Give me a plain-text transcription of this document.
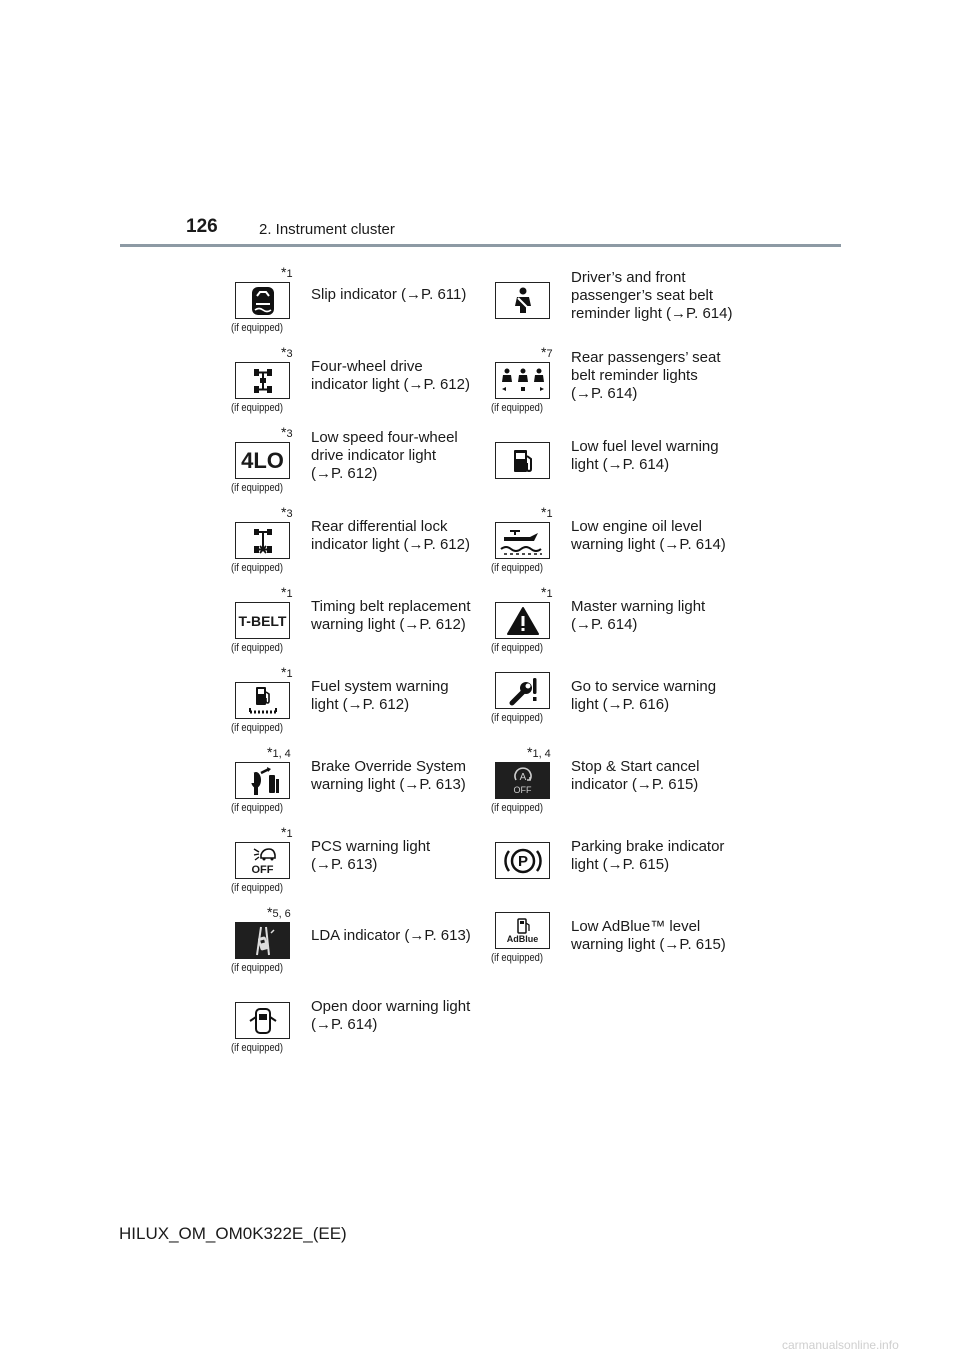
126	2. Instrument cluster
*1
(if equipped)
Slip indicator (→P. 611)
Driver’s and front
passenger’s seat belt
reminder light (→P. 614)
*3
(if equipped)
Four-wheel drive
indicator light (→P. 612)
*7
(if equipped)
Rear passengers’ seat
belt reminder lights
(→P. 614)
*3
4LO
(if equipped)
Low speed four-wheel
drive indicator light
(→P. 612)
Low fuel level warning
light (→P. 614)
*3
(if equipped)
Rear differential lock
indicator light (→P. 612)
*1
(if equipped)
Low engine oil level
warning light (→P. 614)
*1
T-BELT
(if equipped)
Timing belt replacement
warning light (→P. 612)
*1
(if equipped)
Master warning light
(→P. 614)
*1
(if equipped)
Fuel system warning
light (→P. 612)
(if equipped)
Go to service warning
light (→P. 616)
*1, 4
(if equipped)
Brake Override System
warning light (→P. 613)
*1, 4
A
OFF
(if equipped)
Stop & Start cancel
indicator (→P. 615)
*1
OFF
(if equipped)
PCS warning light
(→P. 613)	P
Parking brake indicator
light (→P. 615)
*5, 6
(if equipped)
LDA indicator (→P. 613)	AdBlue
(if equipped)
Low AdBlue™ level
warning light (→P. 615)
(if equipped)
Open door warning light
(→P. 614)
HILUX_OM_OM0K322E_(EE)
carmanualsonline.info
